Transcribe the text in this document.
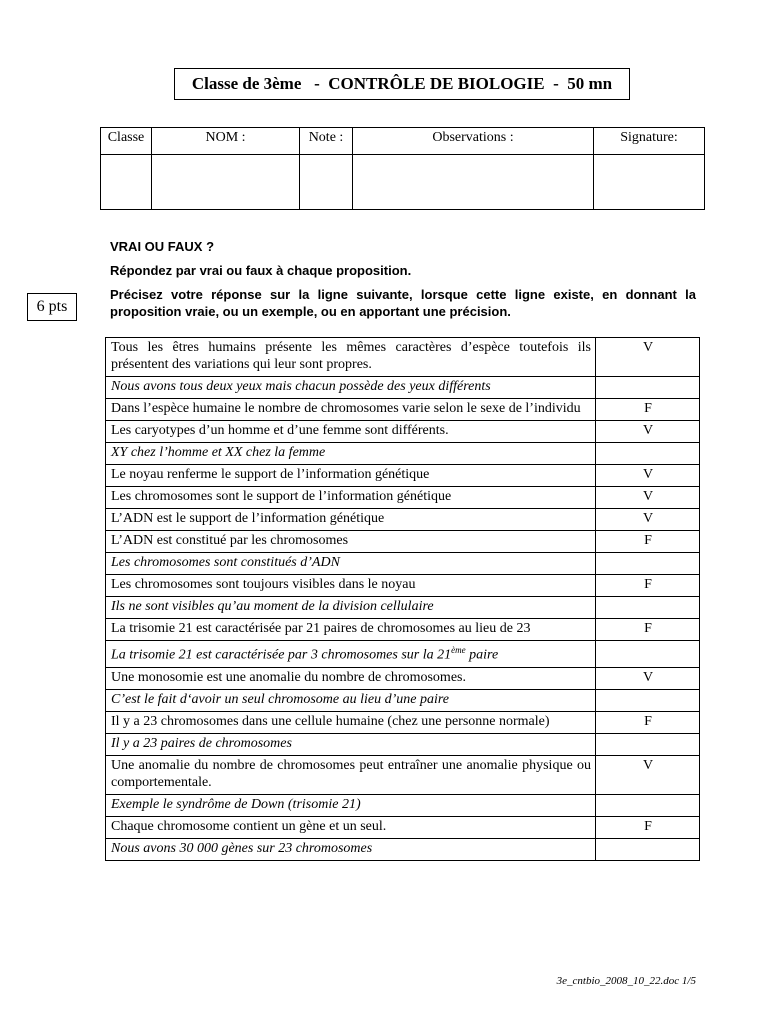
Classe de 3ème   -  CONTRÔLE DE BIOLOGIE  -  50 mn
Classe	NOM :	Note :	Observations :	Signature:

VRAI OU FAUX ?
Répondez par vrai ou faux à chaque proposition.
Précisez votre réponse sur la ligne suivante, lorsque cette ligne existe, en donnant la proposition vraie, ou un exemple, ou en apportant une précision.
6 pts
Tous les êtres humains présente les mêmes caractères d’espèce toutefois ils présentent des variations qui leur sont propres.	V
Nous avons tous deux yeux mais chacun possède des yeux différents	
Dans l’espèce humaine le nombre de chromosomes varie selon le sexe de l’individu	F
Les caryotypes d’un homme et d’une femme sont différents.	V
XY chez l’homme et XX chez la femme	
Le noyau renferme le support de l’information génétique	V
Les chromosomes sont le support de l’information génétique	V
L’ADN est le support de l’information génétique	V
L’ADN est constitué par les chromosomes	F
Les chromosomes sont constitués d’ADN	
Les chromosomes sont toujours visibles dans le noyau	F
Ils ne sont visibles qu’au moment de la division cellulaire	
La trisomie 21 est caractérisée par 21 paires de chromosomes au lieu de 23	F
La trisomie 21 est caractérisée par 3 chromosomes sur la 21ème paire	
Une monosomie est une anomalie du nombre de chromosomes.	V
C’est le fait d‘avoir un seul chromosome au lieu d’une paire	
Il y a 23 chromosomes dans une cellule humaine (chez une personne normale)	F
Il y a 23 paires de chromosomes	
Une anomalie du nombre de chromosomes peut entraîner une anomalie physique ou comportementale.	V
Exemple le syndrôme de Down (trisomie 21)	
Chaque chromosome contient un gène et un seul.	F
Nous avons 30 000 gènes sur 23 chromosomes	
3e_cntbio_2008_10_22.doc 1/5
